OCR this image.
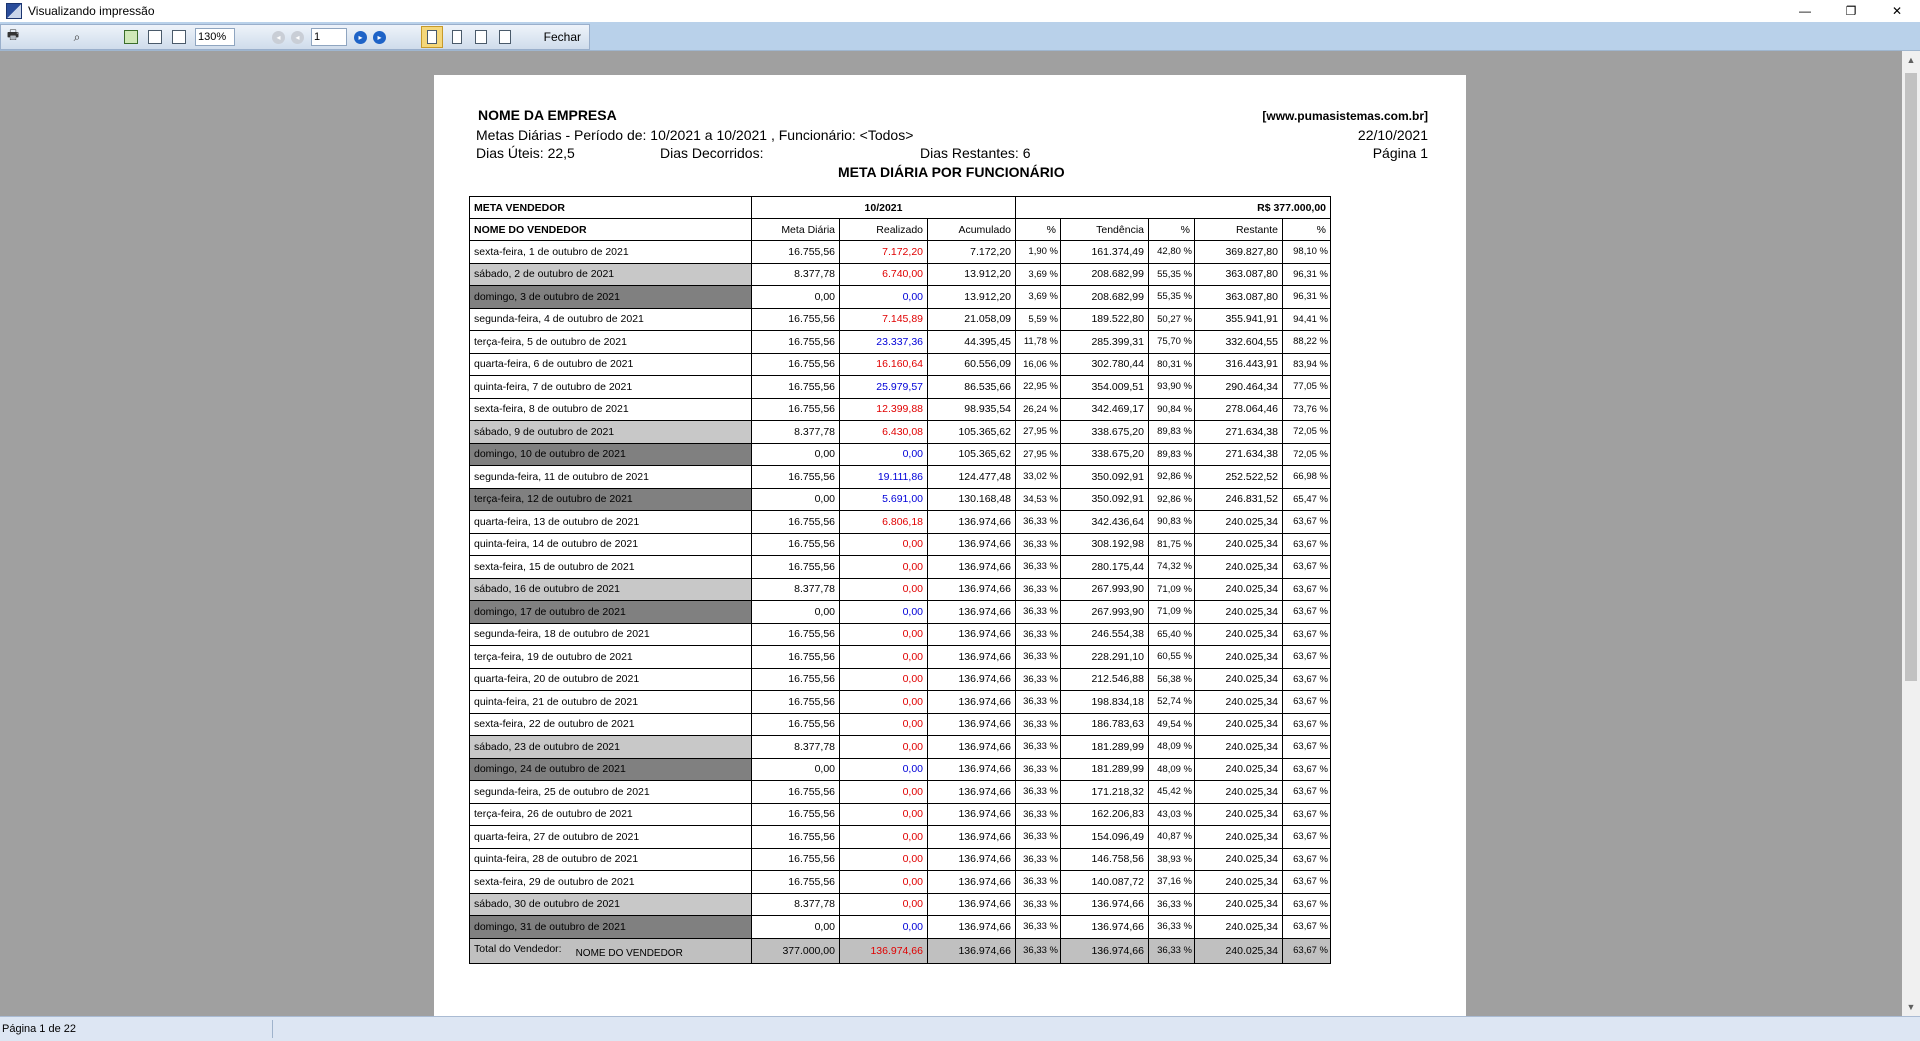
Visualizando impressão	—	❐	✕
🖶	⌕	130%	◂	◂	1	▸	▸	Fechar
NOME DA EMPRESA	[www.pumasistemas.com.br]
Metas Diárias - Período de: 10/2021 a 10/2021 , Funcionário: <Todos>	22/10/2021
Dias Úteis: 22,5	Dias Decorridos:	Dias Restantes: 6	Página 1
META DIÁRIA POR FUNCIONÁRIO
META VENDEDOR	10/2021			R$ 377.000,00				
NOME DO VENDEDOR	Meta Diária	Realizado	Acumulado	%	Tendência	%	Restante	%
sexta-feira, 1 de outubro de 2021	16.755,56	7.172,20	7.172,20	1,90 %	161.374,49	42,80 %	369.827,80	98,10 %
sábado, 2 de outubro de 2021	8.377,78	6.740,00	13.912,20	3,69 %	208.682,99	55,35 %	363.087,80	96,31 %
domingo, 3 de outubro de 2021	0,00	0,00	13.912,20	3,69 %	208.682,99	55,35 %	363.087,80	96,31 %
segunda-feira, 4 de outubro de 2021	16.755,56	7.145,89	21.058,09	5,59 %	189.522,80	50,27 %	355.941,91	94,41 %
terça-feira, 5 de outubro de 2021	16.755,56	23.337,36	44.395,45	11,78 %	285.399,31	75,70 %	332.604,55	88,22 %
quarta-feira, 6 de outubro de 2021	16.755,56	16.160,64	60.556,09	16,06 %	302.780,44	80,31 %	316.443,91	83,94 %
quinta-feira, 7 de outubro de 2021	16.755,56	25.979,57	86.535,66	22,95 %	354.009,51	93,90 %	290.464,34	77,05 %
sexta-feira, 8 de outubro de 2021	16.755,56	12.399,88	98.935,54	26,24 %	342.469,17	90,84 %	278.064,46	73,76 %
sábado, 9 de outubro de 2021	8.377,78	6.430,08	105.365,62	27,95 %	338.675,20	89,83 %	271.634,38	72,05 %
domingo, 10 de outubro de 2021	0,00	0,00	105.365,62	27,95 %	338.675,20	89,83 %	271.634,38	72,05 %
segunda-feira, 11 de outubro de 2021	16.755,56	19.111,86	124.477,48	33,02 %	350.092,91	92,86 %	252.522,52	66,98 %
terça-feira, 12 de outubro de 2021	0,00	5.691,00	130.168,48	34,53 %	350.092,91	92,86 %	246.831,52	65,47 %
quarta-feira, 13 de outubro de 2021	16.755,56	6.806,18	136.974,66	36,33 %	342.436,64	90,83 %	240.025,34	63,67 %
quinta-feira, 14 de outubro de 2021	16.755,56	0,00	136.974,66	36,33 %	308.192,98	81,75 %	240.025,34	63,67 %
sexta-feira, 15 de outubro de 2021	16.755,56	0,00	136.974,66	36,33 %	280.175,44	74,32 %	240.025,34	63,67 %
sábado, 16 de outubro de 2021	8.377,78	0,00	136.974,66	36,33 %	267.993,90	71,09 %	240.025,34	63,67 %
domingo, 17 de outubro de 2021	0,00	0,00	136.974,66	36,33 %	267.993,90	71,09 %	240.025,34	63,67 %
segunda-feira, 18 de outubro de 2021	16.755,56	0,00	136.974,66	36,33 %	246.554,38	65,40 %	240.025,34	63,67 %
terça-feira, 19 de outubro de 2021	16.755,56	0,00	136.974,66	36,33 %	228.291,10	60,55 %	240.025,34	63,67 %
quarta-feira, 20 de outubro de 2021	16.755,56	0,00	136.974,66	36,33 %	212.546,88	56,38 %	240.025,34	63,67 %
quinta-feira, 21 de outubro de 2021	16.755,56	0,00	136.974,66	36,33 %	198.834,18	52,74 %	240.025,34	63,67 %
sexta-feira, 22 de outubro de 2021	16.755,56	0,00	136.974,66	36,33 %	186.783,63	49,54 %	240.025,34	63,67 %
sábado, 23 de outubro de 2021	8.377,78	0,00	136.974,66	36,33 %	181.289,99	48,09 %	240.025,34	63,67 %
domingo, 24 de outubro de 2021	0,00	0,00	136.974,66	36,33 %	181.289,99	48,09 %	240.025,34	63,67 %
segunda-feira, 25 de outubro de 2021	16.755,56	0,00	136.974,66	36,33 %	171.218,32	45,42 %	240.025,34	63,67 %
terça-feira, 26 de outubro de 2021	16.755,56	0,00	136.974,66	36,33 %	162.206,83	43,03 %	240.025,34	63,67 %
quarta-feira, 27 de outubro de 2021	16.755,56	0,00	136.974,66	36,33 %	154.096,49	40,87 %	240.025,34	63,67 %
quinta-feira, 28 de outubro de 2021	16.755,56	0,00	136.974,66	36,33 %	146.758,56	38,93 %	240.025,34	63,67 %
sexta-feira, 29 de outubro de 2021	16.755,56	0,00	136.974,66	36,33 %	140.087,72	37,16 %	240.025,34	63,67 %
sábado, 30 de outubro de 2021	8.377,78	0,00	136.974,66	36,33 %	136.974,66	36,33 %	240.025,34	63,67 %
domingo, 31 de outubro de 2021	0,00	0,00	136.974,66	36,33 %	136.974,66	36,33 %	240.025,34	63,67 %
Total do Vendedor: NOME DO VENDEDOR	377.000,00	136.974,66	136.974,66	36,33 %	136.974,66	36,33 %	240.025,34	63,67 %
▲
▼
Página 1 de 22
